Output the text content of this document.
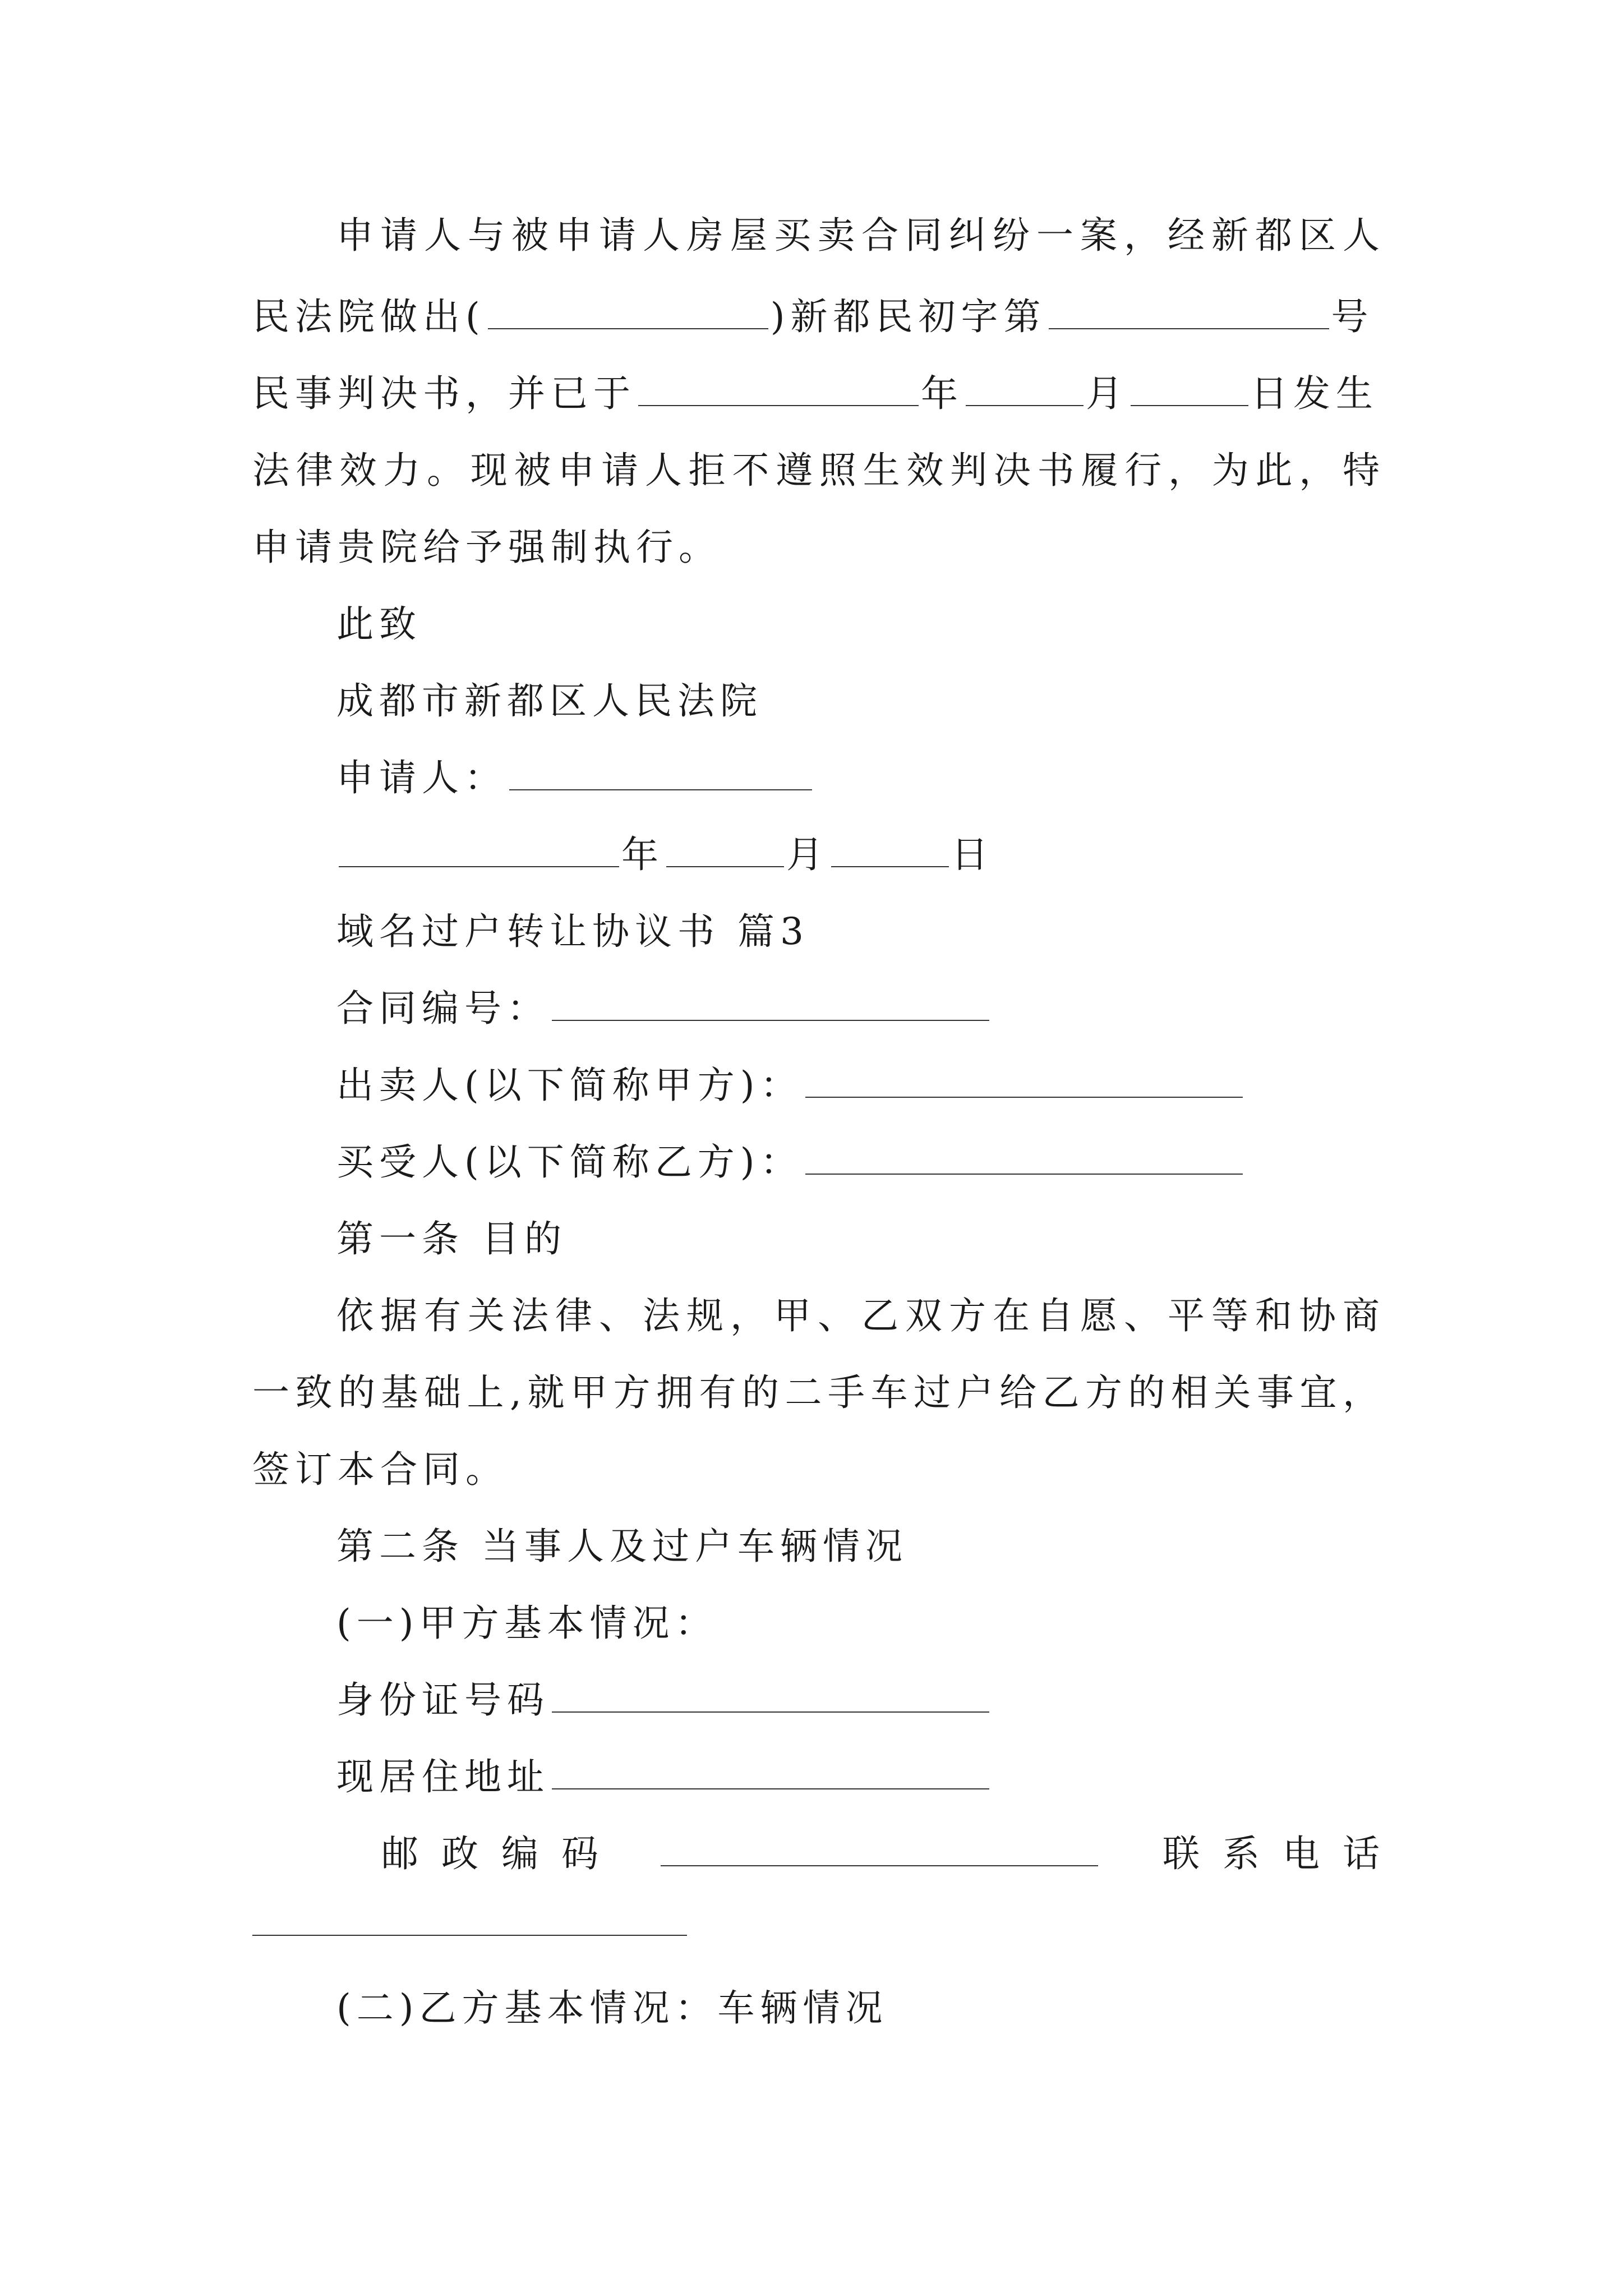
申请人与被申请人房屋买卖合同纠纷一案，经新都区人
民法院做出(	)新都民初字第	号
民事判决书，并已于	年	月	日发生
法律效力。现被申请人拒不遵照生效判决书履行，为此，特
申请贵院给予强制执行。
此致
成都市新都区人民法院
申请人：
年	月	日
域名过户转让协议书 篇3
合同编号：
出卖人(以下简称甲方)：
买受人(以下简称乙方)：
第一条 目的
依据有关法律、法规，甲、乙双方在自愿、平等和协商
一致的基础上,就甲方拥有的二手车过户给乙方的相关事宜，
签订本合同。
第二条 当事人及过户车辆情况
(一)甲方基本情况：
身份证号码
现居住地址
邮 政 编 码	联 系 电 话
(二)乙方基本情况：车辆情况
